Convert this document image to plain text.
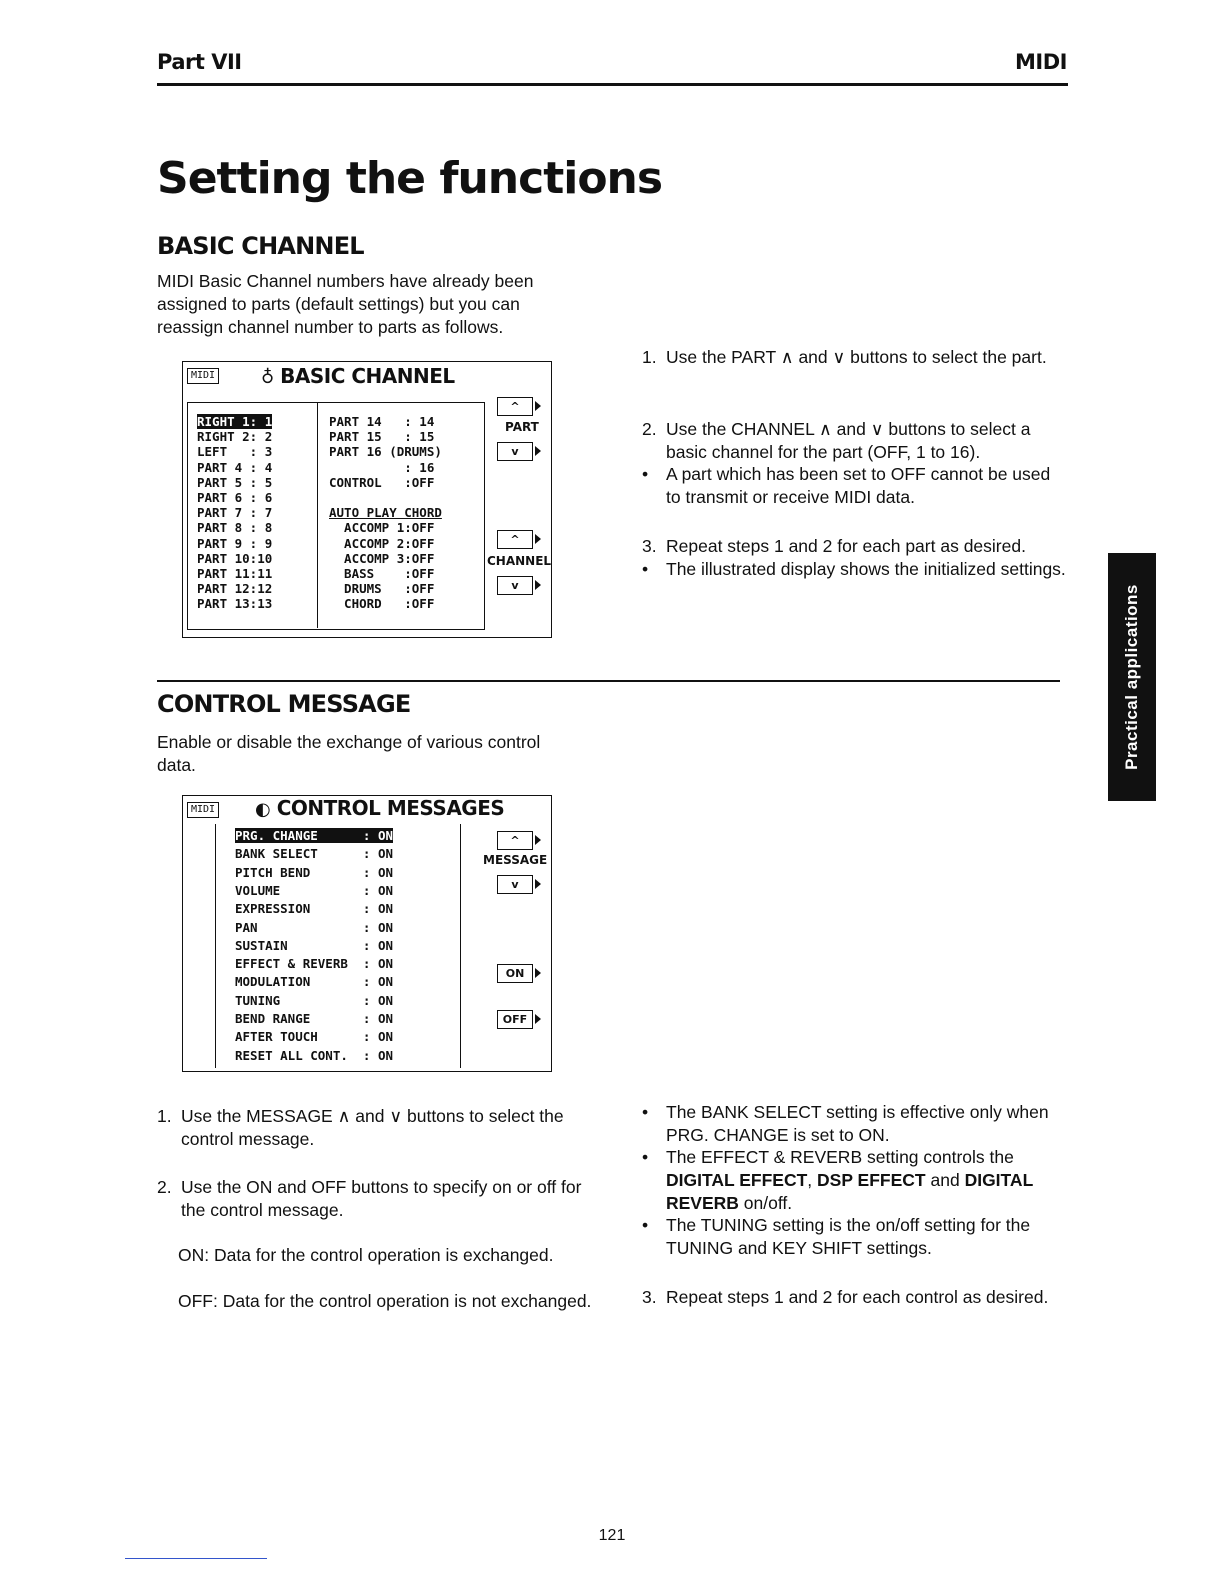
Part VII	MIDI
Setting the functions
BASIC CHANNEL
MIDI Basic Channel numbers have already been assigned to parts (default settings) but you can reassign channel number to parts as follows.
MIDI	♁ BASIC CHANNEL
RIGHT 1: 1
RIGHT 2: 2
LEFT   : 3
PART 4 : 4
PART 5 : 5
PART 6 : 6
PART 7 : 7
PART 8 : 8
PART 9 : 9
PART 10:10
PART 11:11
PART 12:12
PART 13:13
PART 14   : 14
PART 15   : 15
PART 16 (DRUMS)
: 16
CONTROL   :OFF
AUTO PLAY CHORD
ACCOMP 1:OFF
ACCOMP 2:OFF
ACCOMP 3:OFF
BASS    :OFF
DRUMS   :OFF
CHORD   :OFF
^
PART
v
^
CHANNEL
v
1. Use the PART ∧ and ∨ buttons to select the part.
2. Use the CHANNEL ∧ and ∨ buttons to select a basic channel for the part (OFF, 1 to 16).
• A part which has been set to OFF cannot be used to transmit or receive MIDI data.
3. Repeat steps 1 and 2 for each part as desired.
• The illustrated display shows the initialized settings.
CONTROL MESSAGE
Enable or disable the exchange of various control data.
MIDI ◐ CONTROL MESSAGES
PRG. CHANGE      : ON
BANK SELECT      : ON
PITCH BEND       : ON
VOLUME           : ON
EXPRESSION       : ON
PAN              : ON
SUSTAIN          : ON
EFFECT & REVERB  : ON
MODULATION       : ON
TUNING           : ON
BEND RANGE       : ON
AFTER TOUCH      : ON
RESET ALL CONT.  : ON
^
MESSAGE
v
ON
OFF
1. Use the MESSAGE ∧ and ∨ buttons to select the control message.
2. Use the ON and OFF buttons to specify on or off for the control message.
ON: Data for the control operation is exchanged.
OFF: Data for the control operation is not exchanged.
• The BANK SELECT setting is effective only when PRG. CHANGE is set to ON.
• The EFFECT & REVERB setting controls the DIGITAL EFFECT, DSP EFFECT and DIGITAL REVERB on/off.
• The TUNING setting is the on/off setting for the TUNING and KEY SHIFT settings.
3. Repeat steps 1 and 2 for each control as desired.
Practical applications
121
